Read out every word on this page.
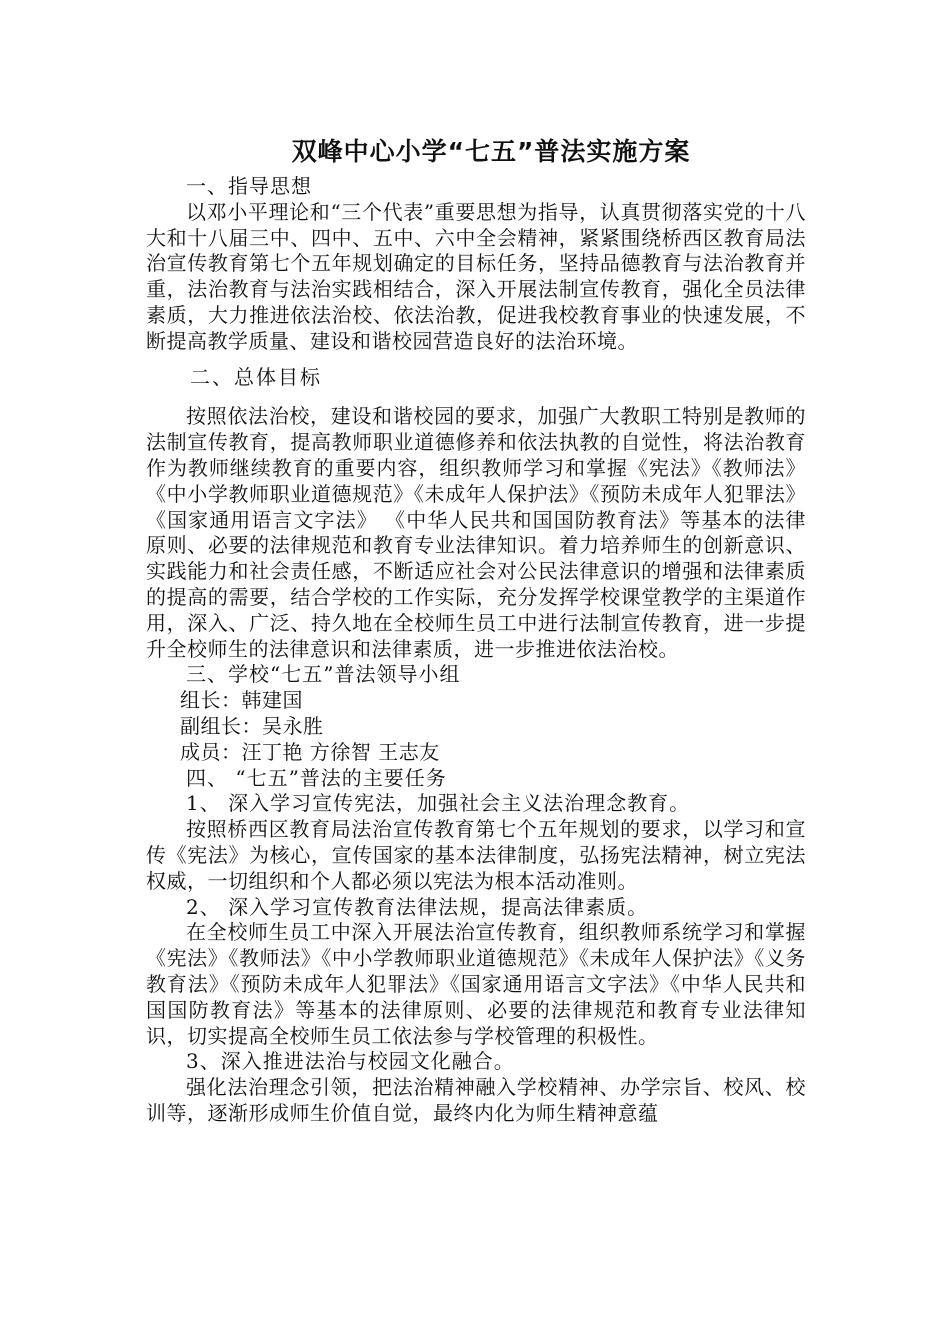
双峰中心小学“七五”普法实施方案

一、指导思想

以邓小平理论和“三个代表”重要思想为指导，认真贯彻落实党的十八大和十八届三中、四中、五中、六中全会精神，紧紧围绕桥西区教育局法治宣传教育第七个五年规划确定的目标任务，坚持品德教育与法治教育并重，法治教育与法治实践相结合，深入开展法制宣传教育，强化全员法律素质，大力推进依法治校、依法治教，促进我校教育事业的快速发展，不断提高教学质量、建设和谐校园营造良好的法治环境。

二、总体目标

按照依法治校，建设和谐校园的要求，加强广大教职工特别是教师的法制宣传教育，提高教师职业道德修养和依法执教的自觉性，将法治教育作为教师继续教育的重要内容，组织教师学习和掌握《宪法》《教师法》《中小学教师职业道德规范》《未成年人保护法》《预防未成年人犯罪法》《国家通用语言文字法》 《中华人民共和国国防教育法》等基本的法律原则、必要的法律规范和教育专业法律知识。着力培养师生的创新意识、实践能力和社会责任感，不断适应社会对公民法律意识的增强和法律素质的提高的需要，结合学校的工作实际，充分发挥学校课堂教学的主渠道作用，深入、广泛、持久地在全校师生员工中进行法制宣传教育，进一步提升全校师生的法律意识和法律素质，进一步推进依法治校。

三、学校“七五”普法领导小组

组长：韩建国

副组长：吴永胜

成员：汪丁艳 方徐智 王志友

四、 “七五”普法的主要任务

1、 深入学习宣传宪法，加强社会主义法治理念教育。

按照桥西区教育局法治宣传教育第七个五年规划的要求，以学习和宣传《宪法》为核心，宣传国家的基本法律制度，弘扬宪法精神，树立宪法权威，一切组织和个人都必须以宪法为根本活动准则。

2、 深入学习宣传教育法律法规，提高法律素质。

在全校师生员工中深入开展法治宣传教育，组织教师系统学习和掌握《宪法》《教师法》《中小学教师职业道德规范》《未成年人保护法》《义务教育法》《预防未成年人犯罪法》《国家通用语言文字法》《中华人民共和国国防教育法》等基本的法律原则、必要的法律规范和教育专业法律知识，切实提高全校师生员工依法参与学校管理的积极性。

3、深入推进法治与校园文化融合。

强化法治理念引领，把法治精神融入学校精神、办学宗旨、校风、校训等，逐渐形成师生价值自觉，最终内化为师生精神意蕴
